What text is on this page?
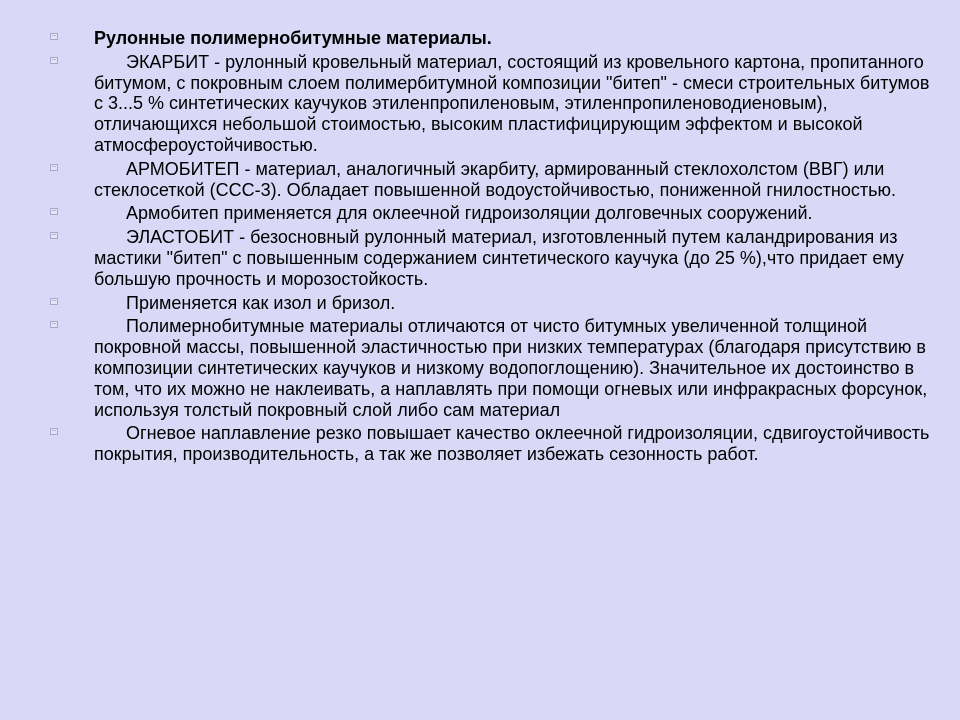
Рулонные полимернобитумные материалы.
ЭКАРБИТ - рулонный кровельный материал, состоящий из кровельного картона, пропитанного битумом, с покровным слоем полимербитумной композиции "битеп" - смеси строительных битумов с 3...5 % синтетических каучуков этиленпропиленовым, этиленпропиленоводиеновым), отличающихся небольшой стоимостью, высоким пластифицирующим эффектом и высокой атмосфероустойчивостью.
АРМОБИТЕП - материал, аналогичный экарбиту, армированный стеклохолстом (ВВГ) или стеклосеткой (ССС-3). Обладает повышенной водоустойчивостью, пониженной гнилостностью.
Армобитеп применяется для оклеечной гидроизоляции долговечных сооружений.
ЭЛАСТОБИТ - безосновный рулонный материал, изготовленный путем каландрирования из мастики "битеп" с повышенным содержанием синтетического каучука (до 25 %),что придает ему большую прочность и морозостойкость.
Применяется как изол и бризол.
Полимернобитумные материалы отличаются от чисто битумных увеличенной толщиной покровной массы, повышенной эластичностью при низких температурах (благодаря присутствию в композиции синтетических каучуков и низкому водопоглощению). Значительное их достоинство в том, что их можно не наклеивать, а наплавлять при помощи огневых или инфракрасных форсунок, используя толстый покровный слой либо сам материал
Огневое наплавление резко повышает качество оклеечной гидроизоляции, сдвигоустойчивость покрытия, производительность, а так же позволяет избежать сезонность работ.
